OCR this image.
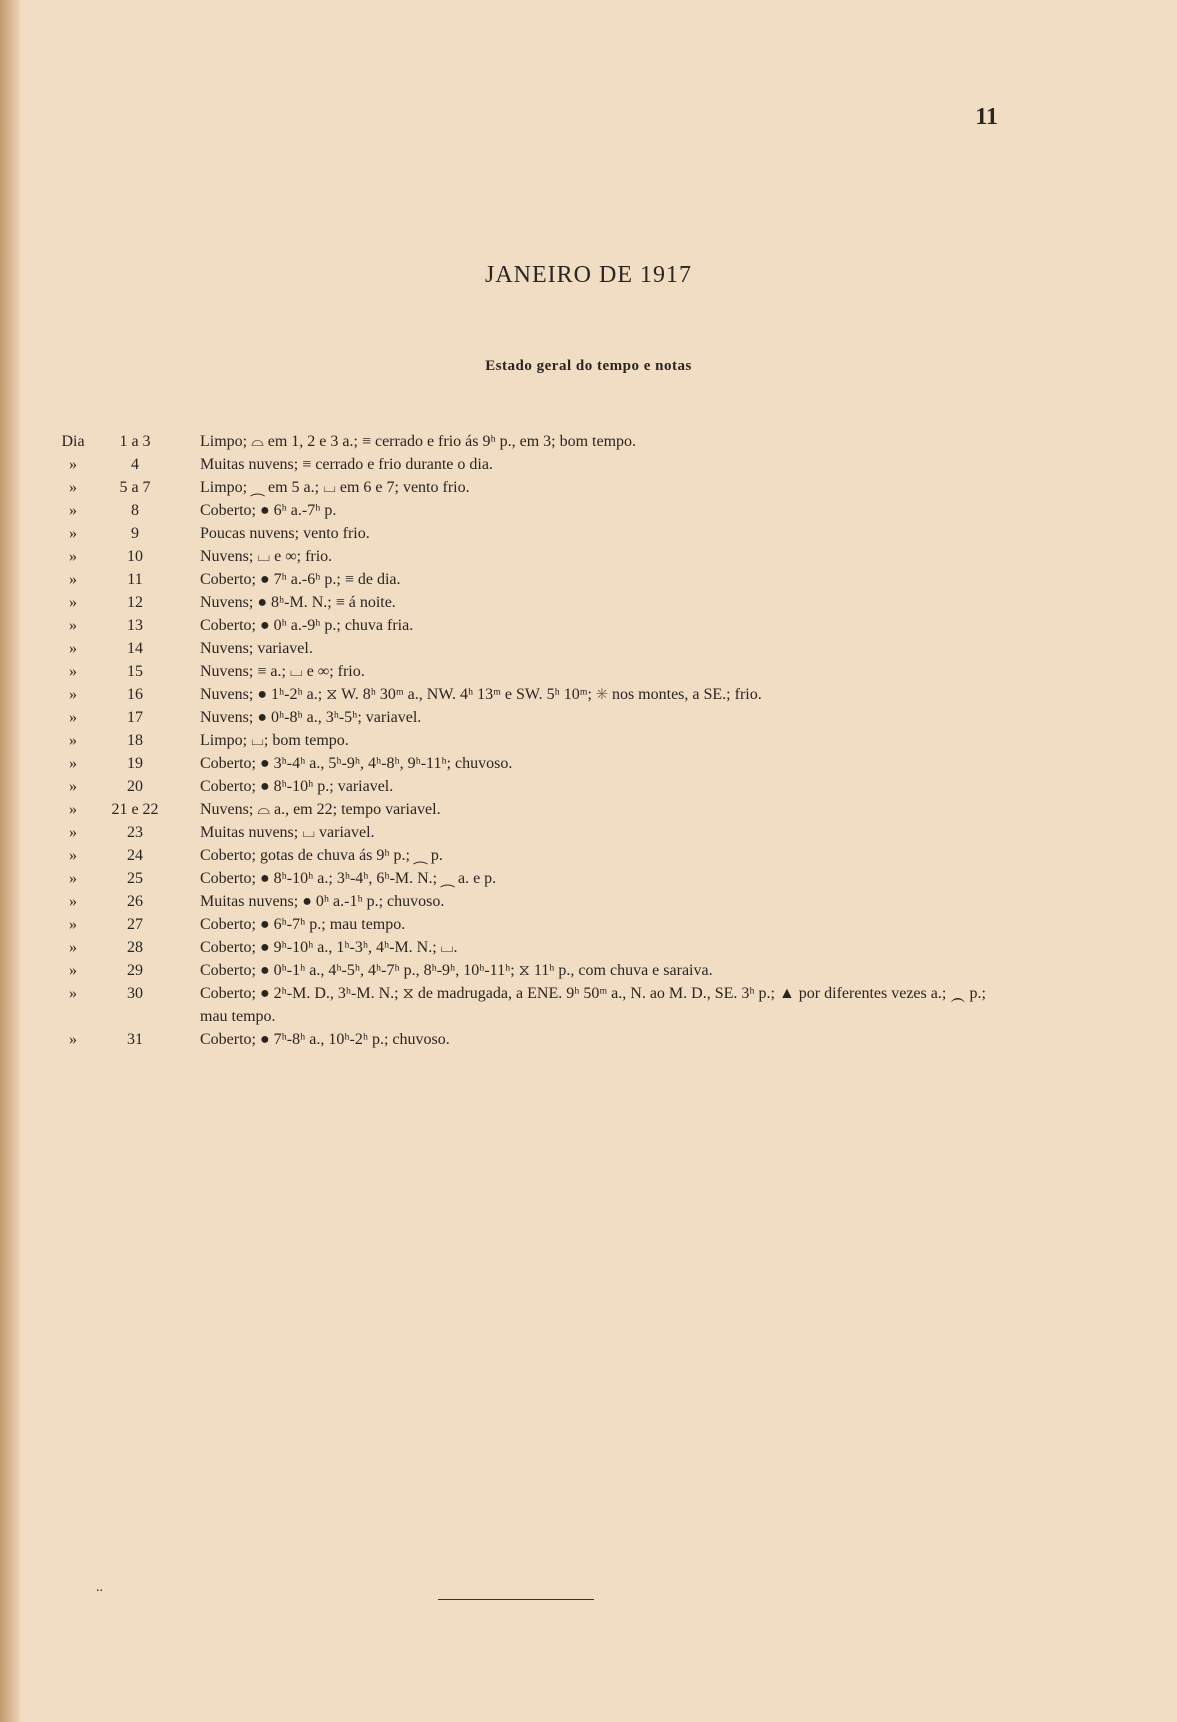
11
JANEIRO DE 1917
Estado geral do tempo e notas
Dia	1 a 3	Limpo; ⌓ em 1, 2 e 3 a.; ≡ cerrado e frio ás 9ʰ p., em 3; bom tempo.
»	4	Muitas nuvens; ≡ cerrado e frio durante o dia.
»	5 a 7	Limpo; ⁔ em 5 a.; ⌴ em 6 e 7; vento frio.
»	8	Coberto; ● 6ʰ a.-7ʰ p.
»	9	Poucas nuvens; vento frio.
»	10	Nuvens; ⌴ e ∞; frio.
»	11	Coberto; ● 7ʰ a.-6ʰ p.; ≡ de dia.
»	12	Nuvens; ● 8ʰ-M. N.; ≡ á noite.
»	13	Coberto; ● 0ʰ a.-9ʰ p.; chuva fria.
»	14	Nuvens; variavel.
»	15	Nuvens; ≡ a.; ⌴ e ∞; frio.
»	16	Nuvens; ● 1ʰ-2ʰ a.; ⧖ W. 8ʰ 30ᵐ a., NW. 4ʰ 13ᵐ e SW. 5ʰ 10ᵐ; ✳ nos montes, a SE.; frio.
»	17	Nuvens; ● 0ʰ-8ʰ a., 3ʰ-5ʰ; variavel.
»	18	Limpo; ⌴; bom tempo.
»	19	Coberto; ● 3ʰ-4ʰ a., 5ʰ-9ʰ, 4ʰ-8ʰ, 9ʰ-11ʰ; chuvoso.
»	20	Coberto; ● 8ʰ-10ʰ p.; variavel.
»	21 e 22	Nuvens; ⌓ a., em 22; tempo variavel.
»	23	Muitas nuvens; ⌴ variavel.
»	24	Coberto; gotas de chuva ás 9ʰ p.; ⁔ p.
»	25	Coberto; ● 8ʰ-10ʰ a.; 3ʰ-4ʰ, 6ʰ-M. N.; ⁔ a. e p.
»	26	Muitas nuvens; ● 0ʰ a.-1ʰ p.; chuvoso.
»	27	Coberto; ● 6ʰ-7ʰ p.; mau tempo.
»	28	Coberto; ● 9ʰ-10ʰ a., 1ʰ-3ʰ, 4ʰ-M. N.; ⌴.
»	29	Coberto; ● 0ʰ-1ʰ a., 4ʰ-5ʰ, 4ʰ-7ʰ p., 8ʰ-9ʰ, 10ʰ-11ʰ; ⧖ 11ʰ p., com chuva e saraiva.
»	30	Coberto; ● 2ʰ-M. D., 3ʰ-M. N.; ⧖ de madrugada, a ENE. 9ʰ 50ᵐ a., N. ao M. D., SE. 3ʰ p.; ▲ por diferentes vezes a.; ⁔ p.; mau tempo.
»	31	Coberto; ● 7ʰ-8ʰ a., 10ʰ-2ʰ p.; chuvoso.
..
